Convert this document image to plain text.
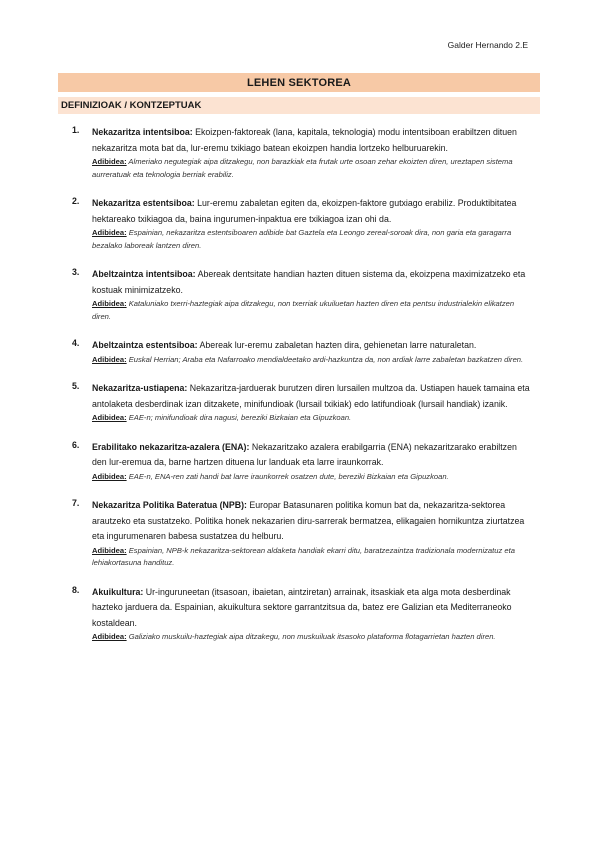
Galder Hernando 2.E
LEHEN SEKTOREA
DEFINIZIOAK / KONTZEPTUAK
1. Nekazaritza intentsiboa: Ekoizpen-faktoreak (lana, kapitala, teknologia) modu intentsiboan erabiltzen dituen nekazaritza mota bat da, lur-eremu txikiago batean ekoizpen handia lortzeko helburuarekin.

Adibidea: Almeriako negutegiak aipa ditzakegu, non barazkiak eta frutak urte osoan zehar ekoizten diren, ureztapen sistema aurreratuak eta teknologia berriak erabiliz.

2. Nekazaritza estentsiboa: Lur-eremu zabaletan egiten da, ekoizpen-faktore gutxiago erabiliz. Produktibitatea hektareako txikiagoa da, baina ingurumen-inpaktua ere txikiagoa izan ohi da.

Adibidea: Espainian, nekazaritza estentsiboaren adibide bat Gaztela eta Leongo zereal-soroak dira, non garia eta garagarra bezalako laboreak lantzen diren.

3. Abeltzaintza intentsiboa: Abereak dentsitate handian hazten dituen sistema da, ekoizpena maximizatzeko eta kostuak minimizatzeko.

Adibidea: Kataluniako txerri-haztegiak aipa ditzakegu, non txerriak ukuiluetan hazten diren eta pentsu industrialekin elikatzen diren.

4. Abeltzaintza estentsiboa: Abereak lur-eremu zabaletan hazten dira, gehienetan larre naturaletan.

Adibidea: Euskal Herrian; Araba eta Nafarroako mendialdeetako ardi-hazkuntza da, non ardiak larre zabaletan bazkatzen diren.

5. Nekazaritza-ustiapena: Nekazaritza-jarduerak burutzen diren lursailen multzoa da. Ustiapen hauek tamaina eta antolaketa desberdinak izan ditzakete, minifundioak (lursail txikiak) edo latifundioak (lursail handiak) izanik.

Adibidea: EAE-n; minifundioak dira nagusi, bereziki Bizkaian eta Gipuzkoan.

6. Erabilitako nekazaritza-azalera (ENA): Nekazaritzako azalera erabilgarria (ENA) nekazaritzarako erabiltzen den lur-eremua da, barne hartzen dituena lur landuak eta larre iraunkorrak.

Adibidea: EAE-n, ENA-ren zati handi bat larre iraunkorrek osatzen dute, bereziki Bizkaian eta Gipuzkoan.

7. Nekazaritza Politika Bateratua (NPB): Europar Batasunaren politika komun bat da, nekazaritza-sektorea arautzeko eta sustatzeko. Politika honek nekazarien diru-sarrerak bermatzea, elikagaien hornikuntza ziurtatzea eta ingurumenaren babesa sustatzea du helburu.

Adibidea: Espainian, NPB-k nekazaritza-sektorean aldaketa handiak ekarri ditu, baratzezaintza tradizionala modernizatuz eta lehiakortasuna handituz.

8. Akuikultura: Ur-inguruneetan (itsasoan, ibaietan, aintziretan) arrainak, itsaskiak eta alga mota desberdinak hazteko jarduera da. Espainian, akuikultura sektore garrantzitsua da, batez ere Galizian eta Mediterraneoko kostaldean.

Adibidea: Galiziako muskuilu-haztegiak aipa ditzakegu, non muskuiluak itsasoko plataforma flotagarrietan hazten diren.
